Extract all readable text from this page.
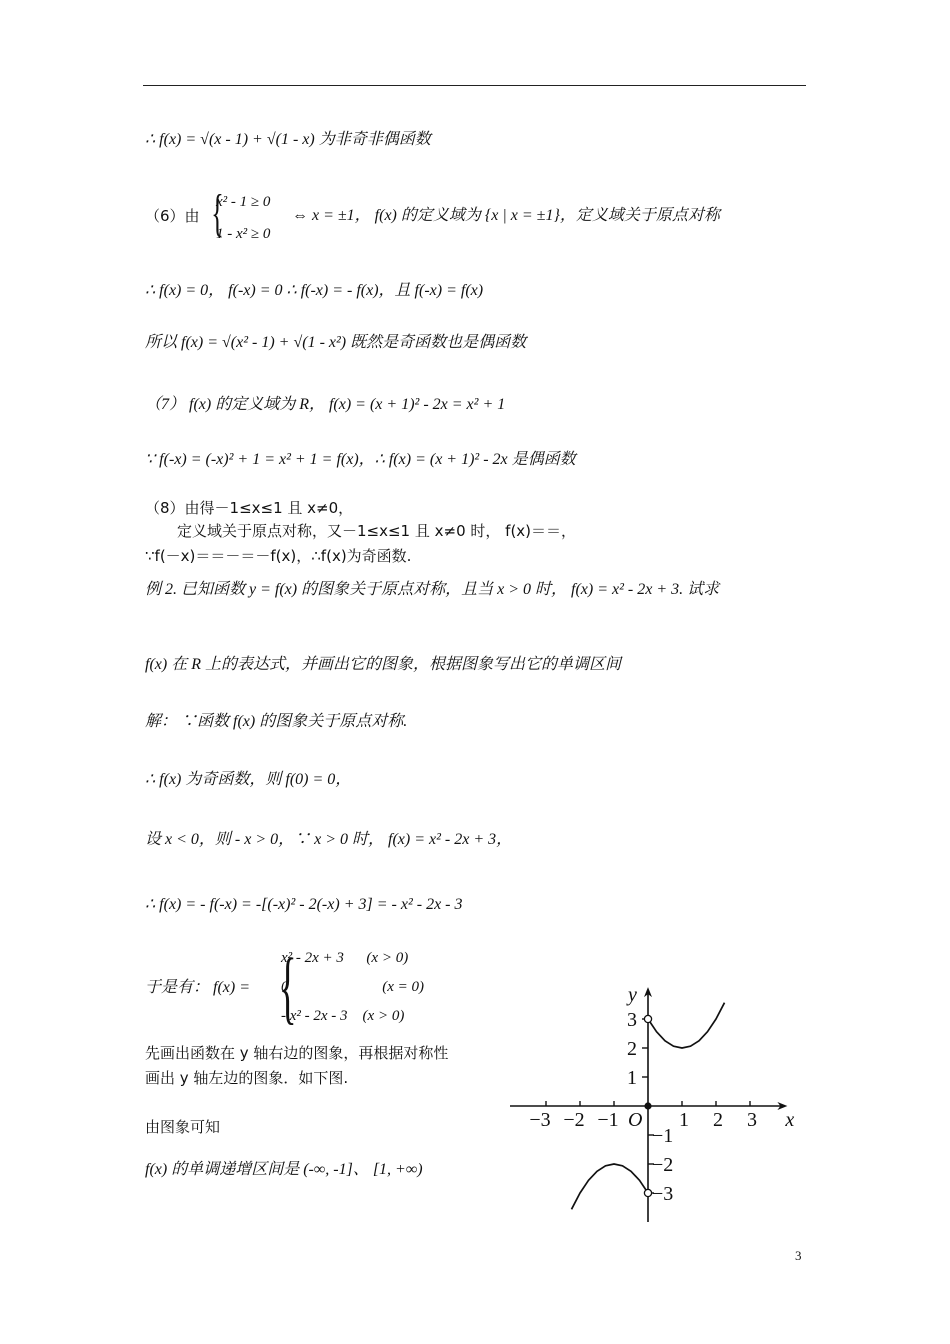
∴ f(x) = √(x - 1) + √(1 - x) 为非奇非偶函数
（6）由 {
x² - 1 ≥ 0
1 - x² ≥ 0
⇔ x = ±1， f(x) 的定义域为 {x | x = ±1}，定义域关于原点对称
∴ f(x) = 0， f(-x) = 0 ∴ f(-x) = - f(x)，且 f(-x) = f(x)
所以 f(x) = √(x² - 1) + √(1 - x²) 既然是奇函数也是偶函数
（7） f(x) 的定义域为 R， f(x) = (x + 1)² - 2x = x² + 1
∵ f(-x) = (-x)² + 1 = x² + 1 = f(x)，∴ f(x) = (x + 1)² - 2x 是偶函数
（8）由得－1≤x≤1 且 x≠0，
定义域关于原点对称，又－1≤x≤1 且 x≠0 时， f(x)＝＝，
∵f(－x)＝＝－＝－f(x)，∴f(x)为奇函数.
例 2. 已知函数 y = f(x) 的图象关于原点对称，且当 x > 0 时， f(x) = x² - 2x + 3. 试求
f(x) 在 R 上的表达式，并画出它的图象，根据图象写出它的单调区间
解： ∵函数 f(x) 的图象关于原点对称.
∴ f(x) 为奇函数，则 f(0) = 0，
设 x < 0，则 - x > 0，∵ x > 0 时， f(x) = x² - 2x + 3，
∴ f(x) = - f(-x) = -[(-x)² - 2(-x) + 3] = - x² - 2x - 3
于是有： f(x) = {
x² - 2x + 3      (x > 0)
0                         (x = 0)
- x² - 2x - 3    (x > 0)
先画出函数在 y 轴右边的图象，再根据对称性
画出 y 轴左边的图象．如下图.
由图象可知
f(x) 的单调递增区间是 (-∞, -1]、 [1, +∞)
−3 −2 −1	1 2 3
1
2
3
−1
−2
−3
O	x
y
3
